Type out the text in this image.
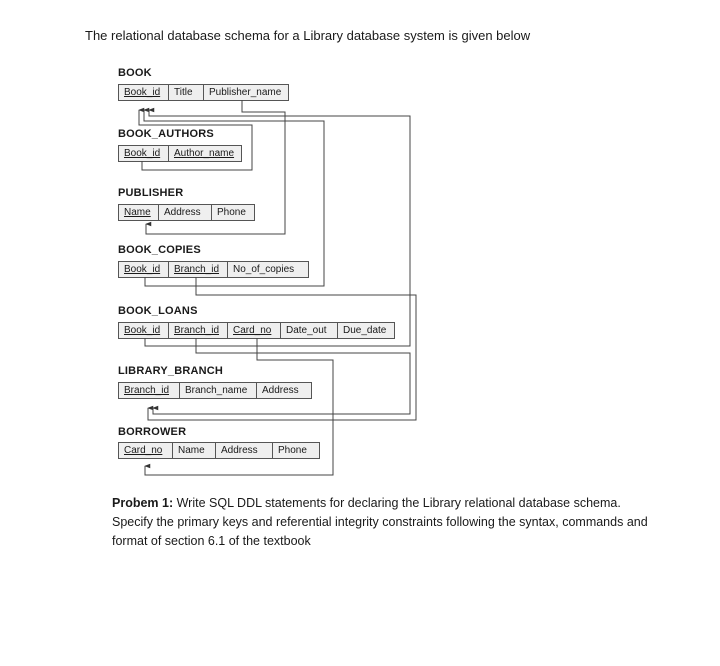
The relational database schema for a Library database system is given below
BOOK
Book_id	Title	Publisher_name
BOOK_AUTHORS
Book_id	Author_name
PUBLISHER
Name	Address	Phone
BOOK_COPIES
Book_id	Branch_id	No_of_copies
BOOK_LOANS
Book_id	Branch_id	Card_no	Date_out	Due_date
LIBRARY_BRANCH
Branch_id	Branch_name	Address
BORROWER
Card_no	Name	Address	Phone
Probem 1: Write SQL DDL statements for declaring the Library relational database schema. Specify the primary keys and referential integrity constraints following the syntax, commands and format of section 6.1 of the textbook
